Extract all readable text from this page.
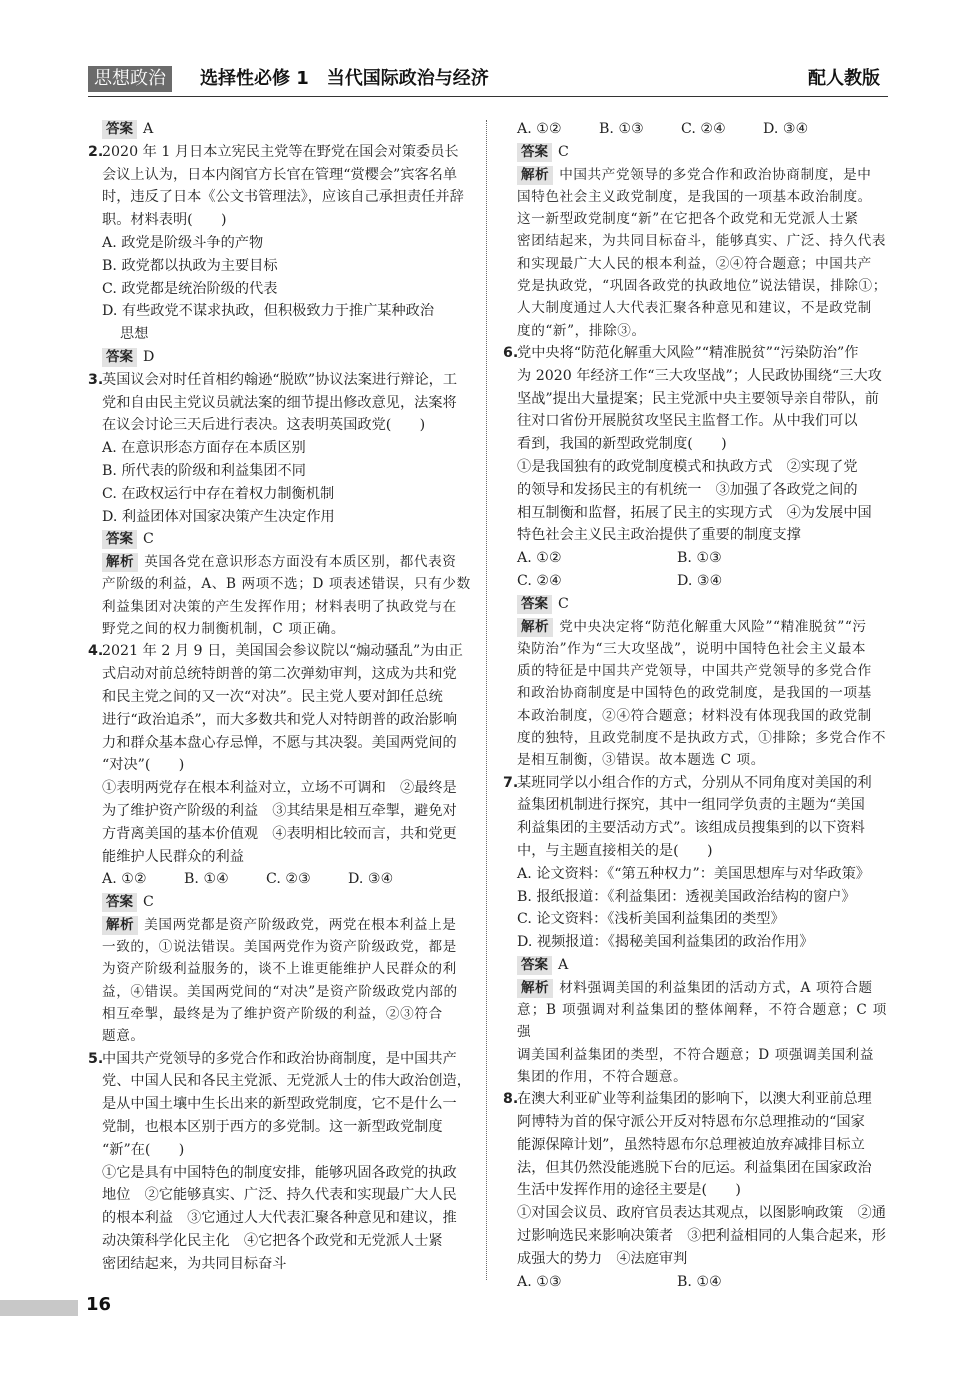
思想政治	选择性必修 1　当代国际政治与经济	配人教版
答案 A
2.
2020 年 1 月日本立宪民主党等在野党在国会对策委员长
会议上认为，日本内阁官方长官在管理“赏樱会”宾客名单
时，违反了日本《公文书管理法》，应该自己承担责任并辞
职。材料表明(　　)
A. 政党是阶级斗争的产物
B. 政党都以执政为主要目标
C. 政党都是统治阶级的代表
D. 有些政党不谋求执政，但积极致力于推广某种政治
思想
答案 D
3.
英国议会对时任首相约翰逊“脱欧”协议法案进行辩论，工
党和自由民主党议员就法案的细节提出修改意见，法案将
在议会讨论三天后进行表决。这表明英国政党(　　)
A. 在意识形态方面存在本质区别
B. 所代表的阶级和利益集团不同
C. 在政权运行中存在着权力制衡机制
D. 利益团体对国家决策产生决定作用
答案 C
解析 英国各党在意识形态方面没有本质区别，都代表资
产阶级的利益，A、B 两项不选；D 项表述错误，只有少数
利益集团对决策的产生发挥作用；材料表明了执政党与在
野党之间的权力制衡机制，C 项正确。
4.
2021 年 2 月 9 日，美国国会参议院以“煽动骚乱”为由正
式启动对前总统特朗普的第二次弹劾审判，这成为共和党
和民主党之间的又一次“对决”。民主党人要对卸任总统
进行“政治追杀”，而大多数共和党人对特朗普的政治影响
力和群众基本盘心存忌惮，不愿与其决裂。美国两党间的
“对决”(　　)
①表明两党存在根本利益对立，立场不可调和　②最终是
为了维护资产阶级的利益　③其结果是相互牵掣，避免对
方背离美国的基本价值观　④表明相比较而言，共和党更
能维护人民群众的利益
A. ①②	B. ①④	C. ②③	D. ③④
答案 C
解析 美国两党都是资产阶级政党，两党在根本利益上是
一致的，①说法错误。美国两党作为资产阶级政党，都是
为资产阶级利益服务的，谈不上谁更能维护人民群众的利
益，④错误。美国两党间的“对决”是资产阶级政党内部的
相互牵掣，最终是为了维护资产阶级的利益，②③符合
题意。
5.
中国共产党领导的多党合作和政治协商制度，是中国共产
党、中国人民和各民主党派、无党派人士的伟大政治创造，
是从中国土壤中生长出来的新型政党制度，它不是什么一
党制，也根本区别于西方的多党制。这一新型政党制度
“新”在(　　)
①它是具有中国特色的制度安排，能够巩固各政党的执政
地位　②它能够真实、广泛、持久代表和实现最广大人民
的根本利益　③它通过人大代表汇聚各种意见和建议，推
动决策科学化民主化　④它把各个政党和无党派人士紧
密团结起来，为共同目标奋斗
A. ①②	B. ①③	C. ②④	D. ③④
答案 C
解析 中国共产党领导的多党合作和政治协商制度，是中
国特色社会主义政党制度，是我国的一项基本政治制度。
这一新型政党制度“新”在它把各个政党和无党派人士紧
密团结起来，为共同目标奋斗，能够真实、广泛、持久代表
和实现最广大人民的根本利益，②④符合题意；中国共产
党是执政党，“巩固各政党的执政地位”说法错误，排除①；
人大制度通过人大代表汇聚各种意见和建议，不是政党制
度的“新”，排除③。
6.
党中央将“防范化解重大风险”“精准脱贫”“污染防治”作
为 2020 年经济工作“三大攻坚战”；人民政协围绕“三大攻
坚战”提出大量提案；民主党派中央主要领导亲自带队，前
往对口省份开展脱贫攻坚民主监督工作。从中我们可以
看到，我国的新型政党制度(　　)
①是我国独有的政党制度模式和执政方式　②实现了党
的领导和发扬民主的有机统一　③加强了各政党之间的
相互制衡和监督，拓展了民主的实现方式　④为发展中国
特色社会主义民主政治提供了重要的制度支撑
A. ①②	B. ①③
C. ②④	D. ③④
答案 C
解析 党中央决定将“防范化解重大风险”“精准脱贫”“污
染防治”作为“三大攻坚战”，说明中国特色社会主义最本
质的特征是中国共产党领导，中国共产党领导的多党合作
和政治协商制度是中国特色的政党制度，是我国的一项基
本政治制度，②④符合题意；材料没有体现我国的政党制
度的独特，且政党制度不是执政方式，①排除；多党合作不
是相互制衡，③错误。故本题选 C 项。
7.
某班同学以小组合作的方式，分别从不同角度对美国的利
益集团机制进行探究，其中一组同学负责的主题为“美国
利益集团的主要活动方式”。该组成员搜集到的以下资料
中，与主题直接相关的是(　　)
A. 论文资料：《“第五种权力”：美国思想库与对华政策》
B. 报纸报道：《利益集团：透视美国政治结构的窗户》
C. 论文资料：《浅析美国利益集团的类型》
D. 视频报道：《揭秘美国利益集团的政治作用》
答案 A
解析 材料强调美国的利益集团的活动方式，A 项符合题
意；B 项强调对利益集团的整体阐释，不符合题意；C 项强
调美国利益集团的类型，不符合题意；D 项强调美国利益
集团的作用，不符合题意。
8.
在澳大利亚矿业等利益集团的影响下，以澳大利亚前总理
阿博特为首的保守派公开反对特恩布尔总理推动的“国家
能源保障计划”，虽然特恩布尔总理被迫放弃减排目标立
法，但其仍然没能逃脱下台的厄运。利益集团在国家政治
生活中发挥作用的途径主要是(　　)
①对国会议员、政府官员表达其观点，以图影响政策　②通
过影响选民来影响决策者　③把利益相同的人集合起来，形
成强大的势力　④法庭审判
A. ①③	B. ①④
16
